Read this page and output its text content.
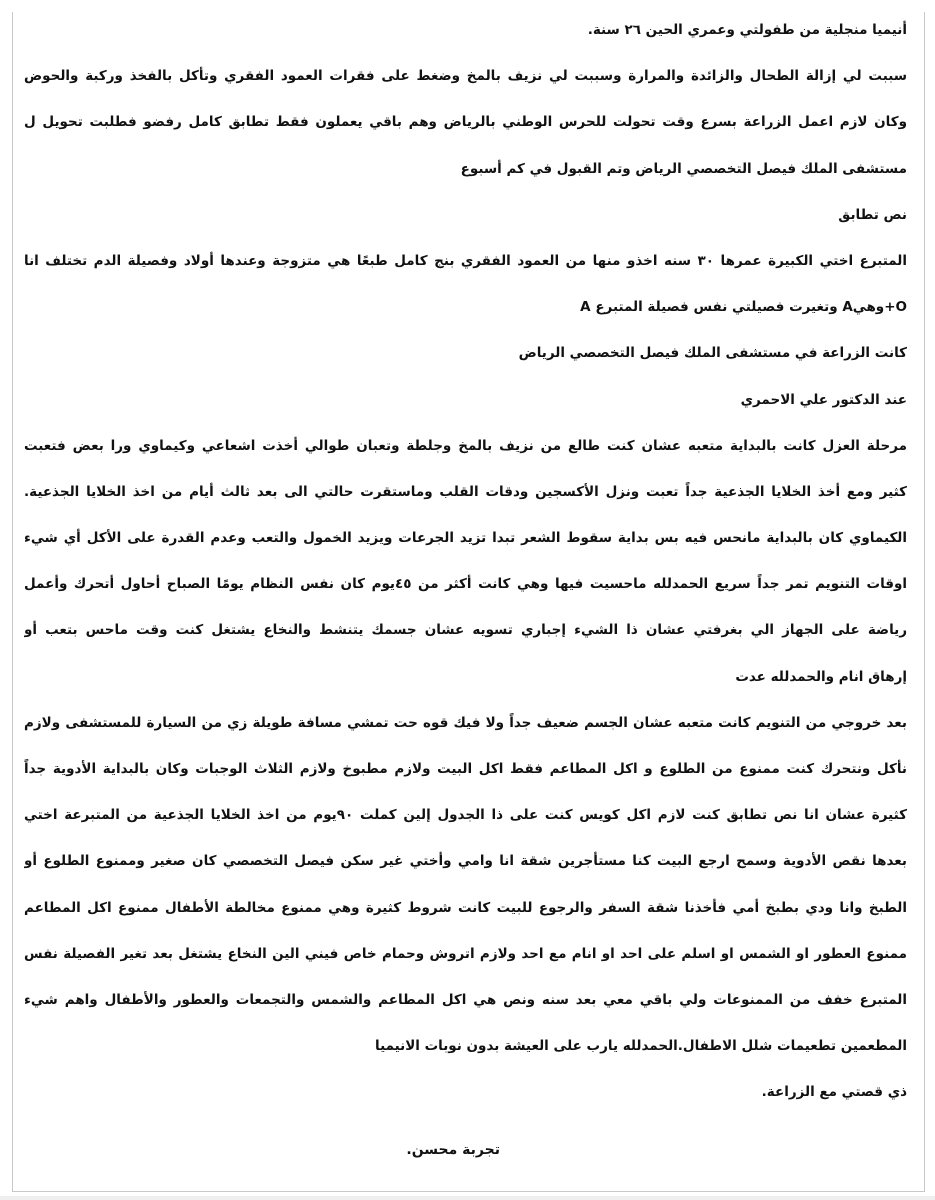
أنيميا منجلية من طفولتي وعمري الحين ٢٦ سنة.
سببت لي إزالة الطحال والزائدة والمرارة وسببت لي نزيف بالمخ وضغط على فقرات العمود الفقري وتأكل بالفخذ وركبة والحوض
وكان لازم اعمل الزراعة بسرع وقت تحولت للحرس الوطني بالرياض وهم باقي يعملون فقط تطابق كامل رفضو فطلبت تحويل ل
مستشفى الملك فيصل التخصصي الرياض وتم القبول في كم أسبوع
نص تطابق
المتبرع اختي الكبيرة عمرها ٣٠ سنه اخذو منها من العمود الفقري بنج كامل طبعًا هي متزوجة وعندها أولاد وفصيلة الدم تختلف انا
O+وهيA وتغيرت فصيلتي نفس فصيلة المتبرع A
كانت الزراعة في مستشفى الملك فيصل التخصصي الرياض
عند الدكتور علي الاحمري
مرحلة العزل كانت بالبداية متعبه عشان كنت طالع من نزيف بالمخ وجلطة وتعبان طوالي أخذت اشعاعي وكيماوي ورا بعض فتعبت
كثير ومع أخذ الخلايا الجذعية جداً تعبت ونزل الأكسجين ودقات القلب وماستقرت حالتي الى بعد ثالث أيام من اخذ الخلايا الجذعية.
الكيماوي كان بالبداية مانحس فيه بس بداية سقوط الشعر تبدا تزيد الجرعات ويزيد الخمول والتعب وعدم القدرة على الأكل أي شيء
اوقات التنويم تمر جداً سريع الحمدلله ماحسيت فيها وهي كانت أكثر من ٤٥يوم كان نفس النظام يومًا الصباح أحاول أتحرك وأعمل
رياضة على الجهاز الي بغرفتي عشان ذا الشيء إجباري تسويه عشان جسمك يتنشط والنخاع يشتغل كنت وقت ماحس بتعب أو
إرهاق انام والحمدلله عدت
بعد خروجي من التنويم كانت متعبه عشان الجسم ضعيف جداً ولا فيك قوه حت تمشي مسافة طويلة زي من السيارة للمستشفى ولازم
نأكل ونتحرك كنت ممنوع من الطلوع و اكل المطاعم فقط اكل البيت ولازم مطبوخ ولازم الثلاث الوجبات وكان بالبداية الأدوية جداً
كثيرة عشان انا نص تطابق كنت لازم اكل كويس كنت على ذا الجدول إلين كملت ٩٠يوم من اخذ الخلايا الجذعية من المتبرعة اختي
بعدها نقص الأدوية وسمح ارجع البيت كنا مستأجرين شقة انا وامي وأختي غير سكن فيصل التخصصي كان صغير وممنوع الطلوع أو
الطبخ وانا ودي بطبخ أمي فأخذنا شقة السفر والرجوع للبيت كانت شروط كثيرة وهي ممنوع مخالطة الأطفال ممنوع اكل المطاعم
ممنوع العطور او الشمس او اسلم على احد او انام مع احد ولازم اتروش وحمام خاص فيني الين النخاع يشتغل بعد تغير الفصيلة نفس
المتبرع خفف من الممنوعات ولي باقي معي بعد سنه ونص هي اكل المطاعم والشمس والتجمعات والعطور والأطفال واهم شيء
المطعمين تطعيمات شلل الاطفال.الحمدلله يارب على العيشة بدون نوبات الانيميا
ذي قصتي مع الزراعة.
تجربة محسن.
